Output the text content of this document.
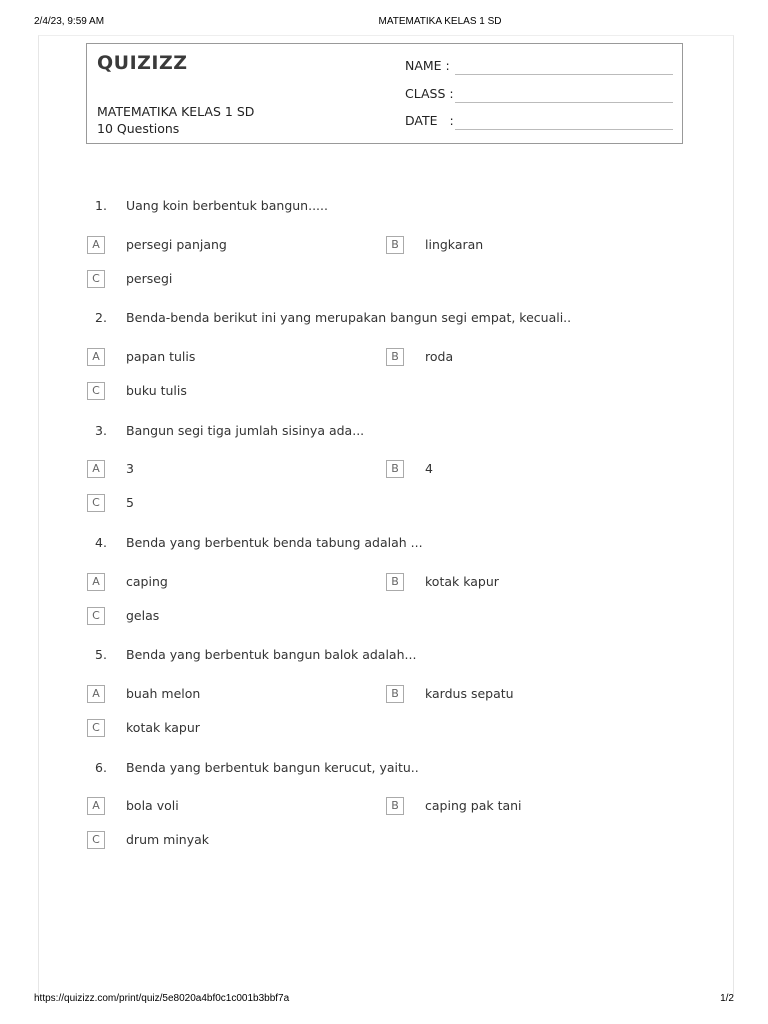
2/4/23, 9:59 AM	MATEMATIKA KELAS 1 SD
QUIZIZZ
MATEMATIKA KELAS 1 SD
10 Questions
NAME :
CLASS :
DATE   :
1. Uang koin berbentuk bangun.....
A	persegi panjang	B	lingkaran
C	persegi
2. Benda-benda berikut ini yang merupakan bangun segi empat, kecuali..
A	papan tulis	B	roda
C	buku tulis
3. Bangun segi tiga jumlah sisinya ada...
A	3	B	4
C	5
4. Benda yang berbentuk benda tabung adalah ...
A	caping	B	kotak kapur
C	gelas
5. Benda yang berbentuk bangun balok adalah...
A	buah melon	B	kardus sepatu
C	kotak kapur
6. Benda yang berbentuk bangun kerucut, yaitu..
A	bola voli	B	caping pak tani
C	drum minyak
https://quizizz.com/print/quiz/5e8020a4bf0c1c001b3bbf7a	1/2
